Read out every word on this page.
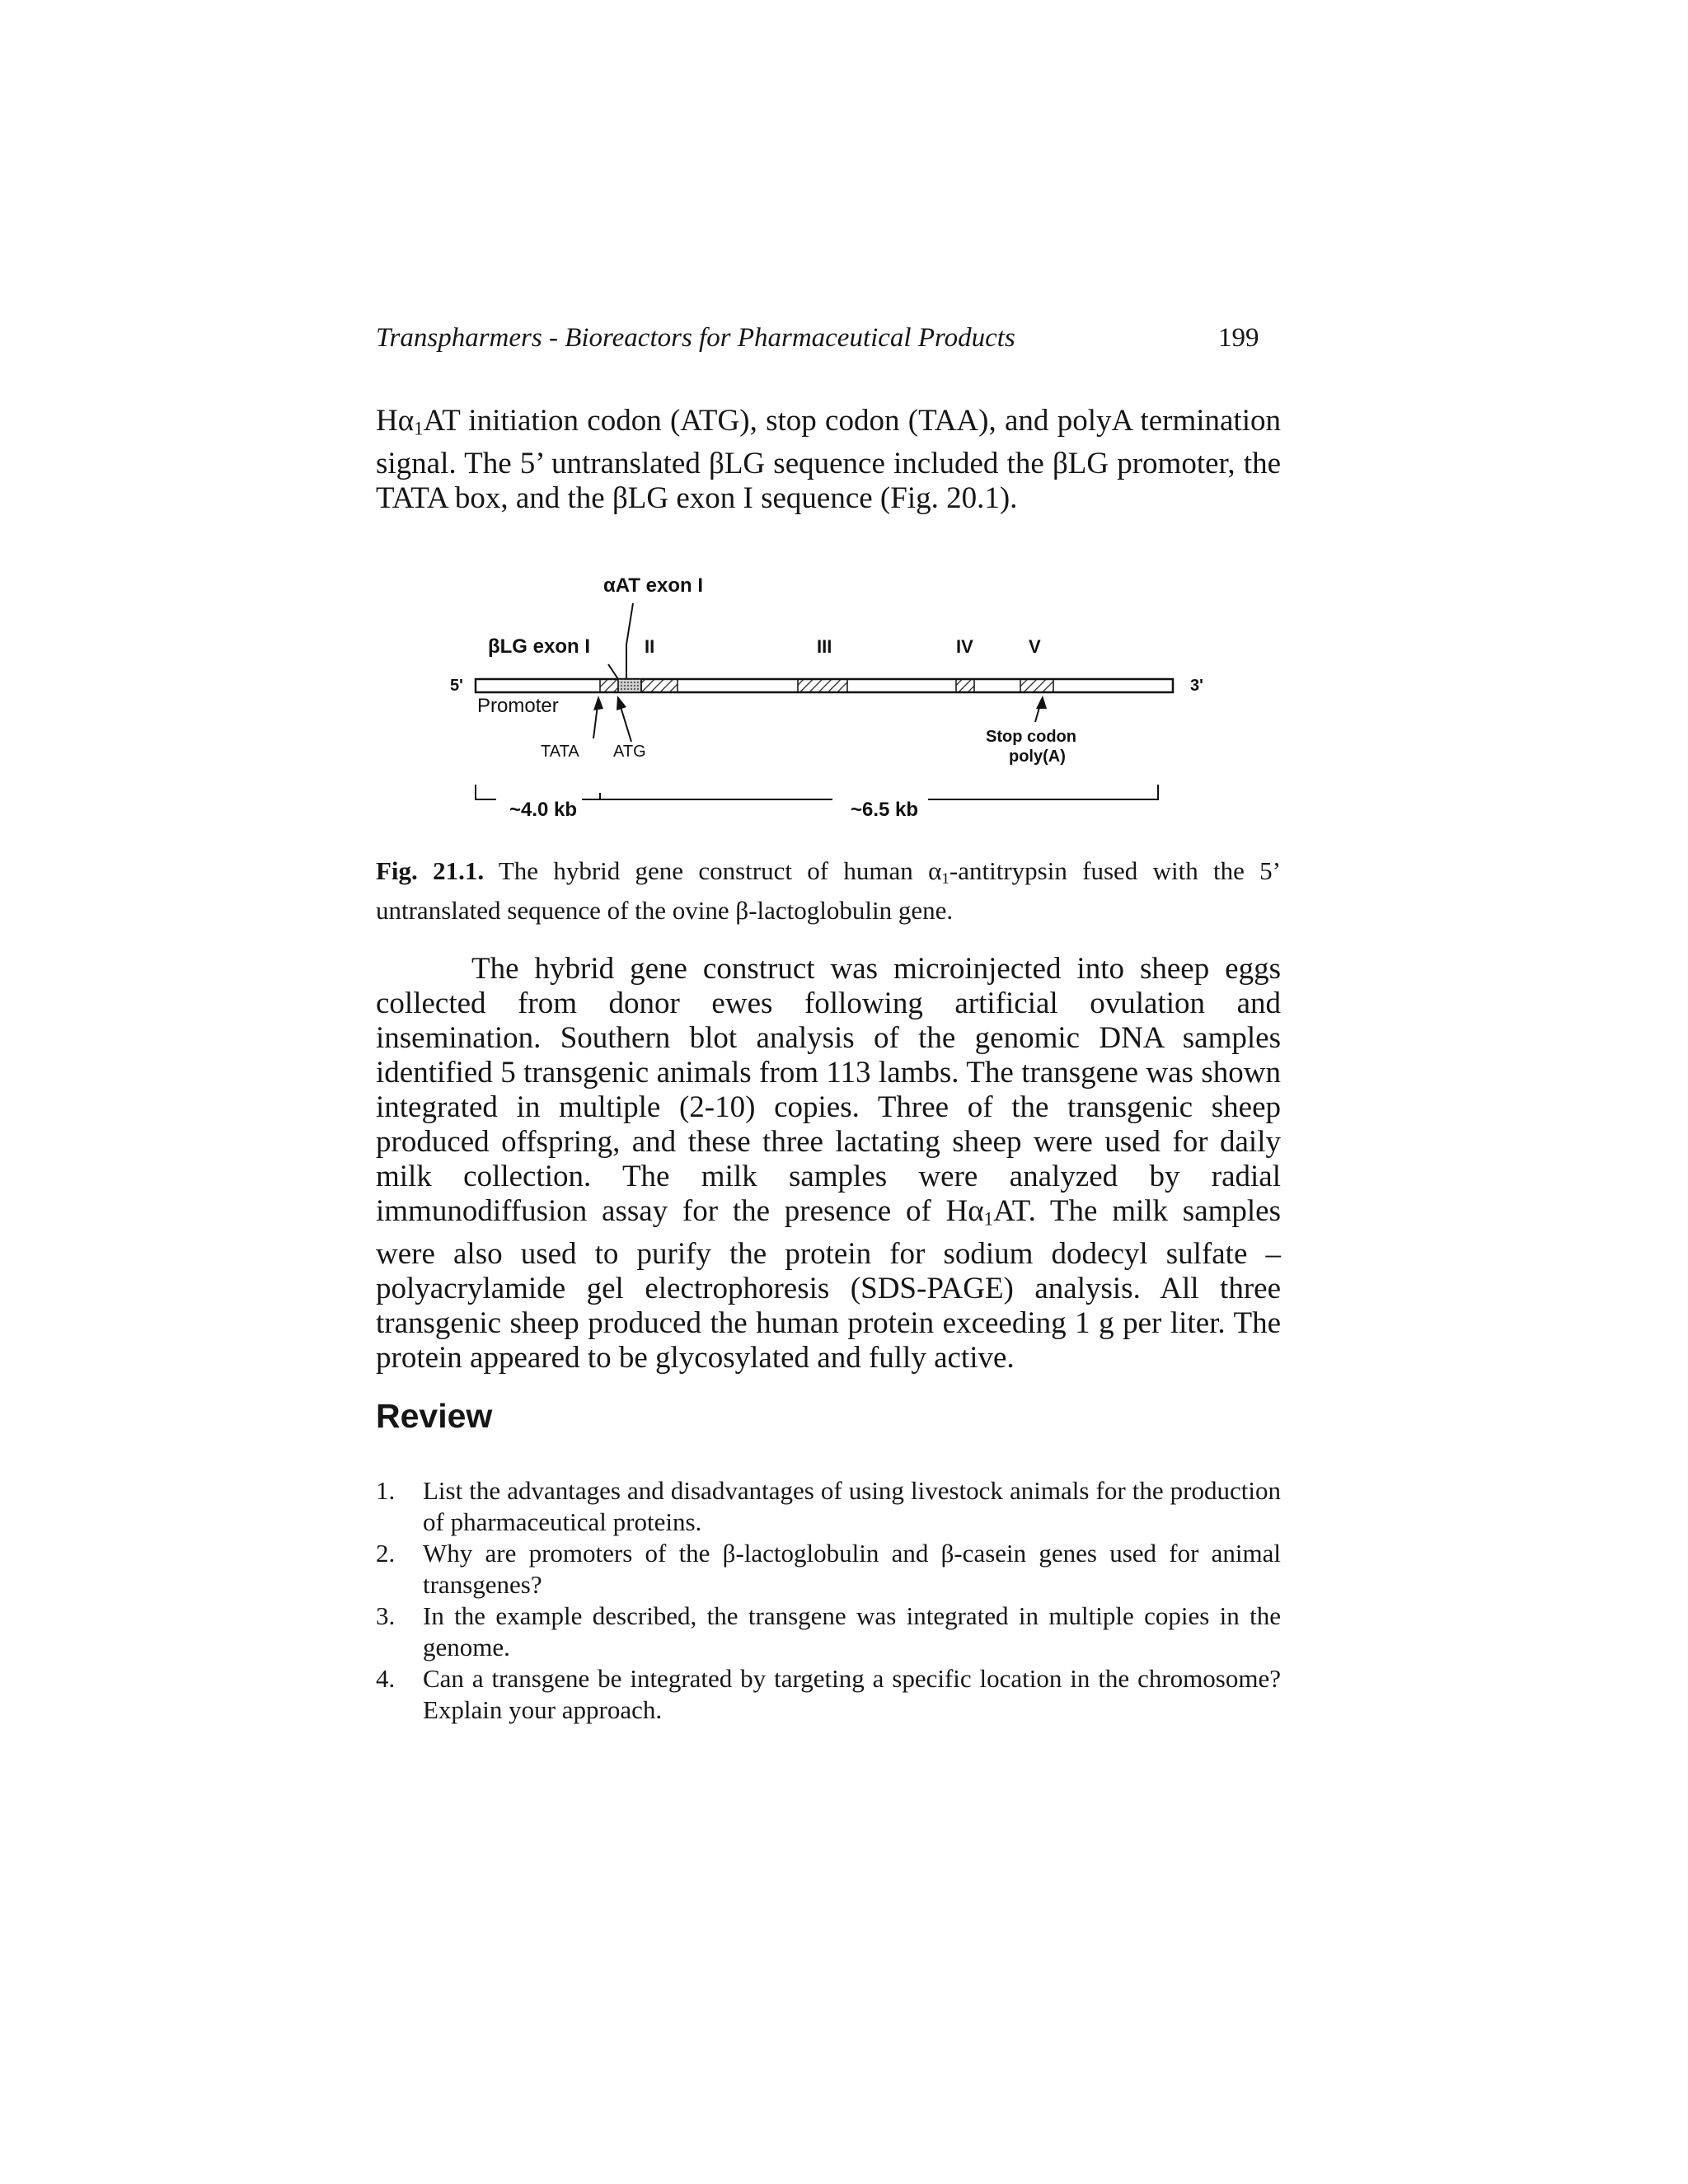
Transpharmers - Bioreactors for Pharmaceutical Products	199

$H\alpha_1AT$ initiation codon (ATG), stop codon (TAA), and polyA termination signal. The 5’ untranslated βLG sequence included the βLG promoter, the TATA box, and the βLG exon I sequence (Fig. 20.1).

αAT exon I
βLG exon I	II	III	IV	V
5'	3'
Promoter
TATA ATG
Stop codon
poly(A)
~4.0 kb	~6.5 kb

Fig. 21.1. The hybrid gene construct of human $\alpha_1$-antitrypsin fused with the 5’ untranslated sequence of the ovine β-lactoglobulin gene.

The hybrid gene construct was microinjected into sheep eggs collected from donor ewes following artificial ovulation and insemination. Southern blot analysis of the genomic DNA samples identified 5 transgenic animals from 113 lambs. The transgene was shown integrated in multiple (2-10) copies. Three of the transgenic sheep produced offspring, and these three lactating sheep were used for daily milk collection. The milk samples were analyzed by radial immunodiffusion assay for the presence of $H\alpha_1AT$. The milk samples were also used to purify the protein for sodium dodecyl sulfate – polyacrylamide gel electrophoresis (SDS-PAGE) analysis. All three transgenic sheep produced the human protein exceeding 1 g per liter. The protein appeared to be glycosylated and fully active.

Review
1. List the advantages and disadvantages of using livestock animals for the production of pharmaceutical proteins.
2. Why are promoters of the β-lactoglobulin and β-casein genes used for animal transgenes?
3. In the example described, the transgene was integrated in multiple copies in the genome.
4. Can a transgene be integrated by targeting a specific location in the chromosome? Explain your approach.
